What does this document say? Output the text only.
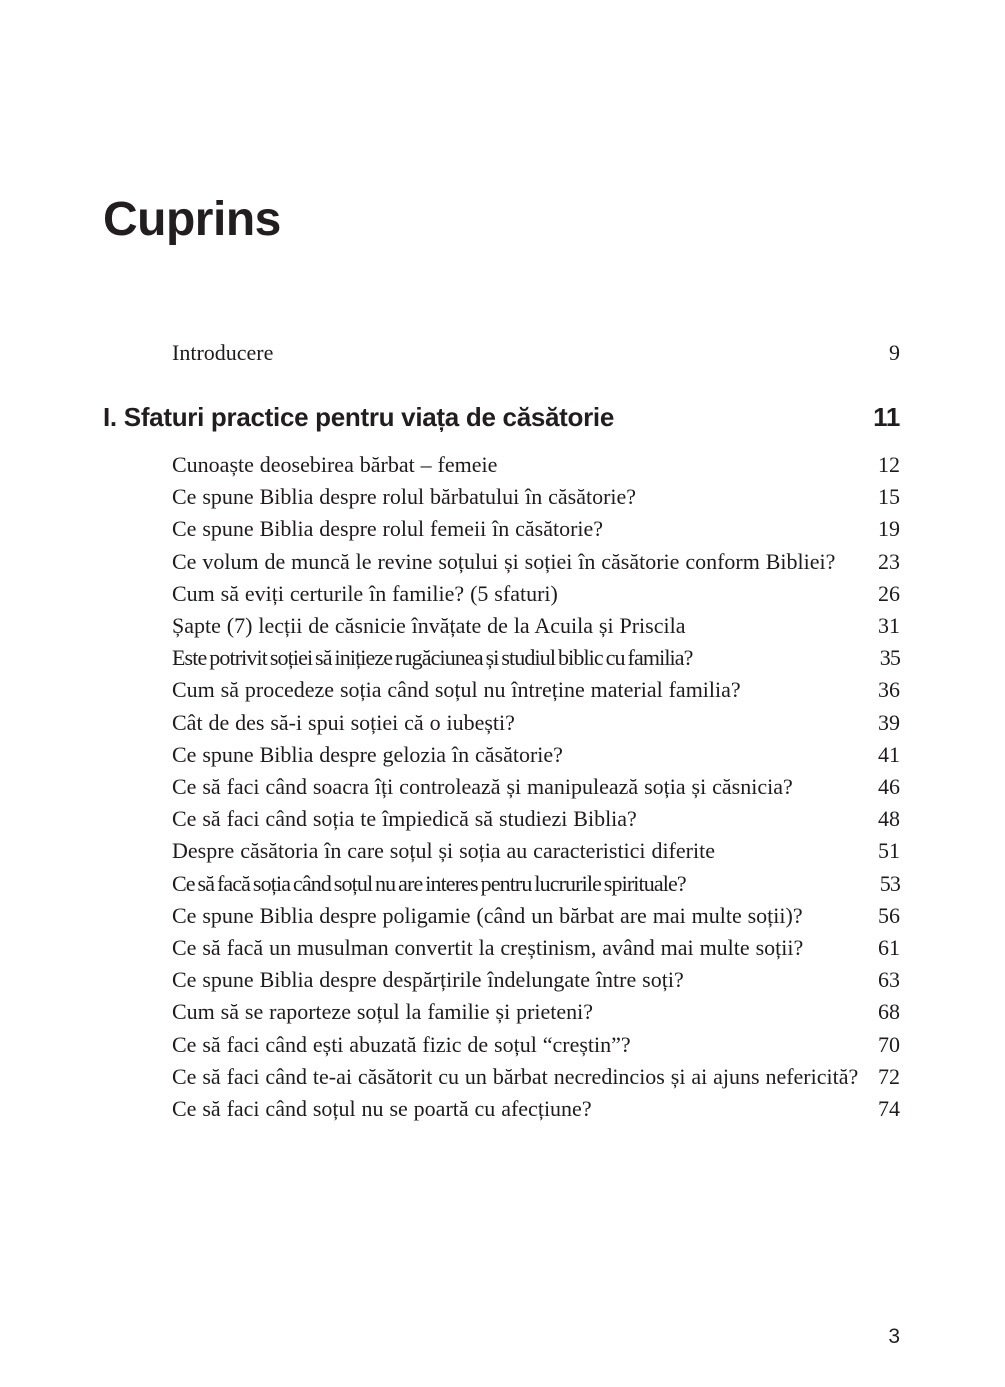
Cuprins
Introducere	9
I. Sfaturi practice pentru viața de căsătorie	11
Cunoaște deosebirea bărbat – femeie	12
Ce spune Biblia despre rolul bărbatului în căsătorie?	15
Ce spune Biblia despre rolul femeii în căsătorie?	19
Ce volum de muncă le revine soțului și soției în căsătorie conform Bibliei? 23
Cum să eviți certurile în familie? (5 sfaturi)	26
Șapte (7) lecții de căsnicie învățate de la Acuila și Priscila	31
Este potrivit soției să inițieze rugăciunea și studiul biblic cu familia?	35
Cum să procedeze soția când soțul nu întreține material familia?	36
Cât de des să-i spui soției că o iubești?	39
Ce spune Biblia despre gelozia în căsătorie?	41
Ce să faci când soacra îți controlează și manipulează soția și căsnicia?	46
Ce să faci când soția te împiedică să studiezi Biblia?	48
Despre căsătoria în care soțul și soția au caracteristici diferite	51
Ce să facă soția când soțul nu are interes pentru lucrurile spirituale?	53
Ce spune Biblia despre poligamie (când un bărbat are mai multe soții)?	56
Ce să facă un musulman convertit la creștinism, având mai multe soții?	61
Ce spune Biblia despre despărțirile îndelungate între soți?	63
Cum să se raporteze soțul la familie și prieteni?	68
Ce să faci când ești abuzată fizic de soțul “creștin”?	70
Ce să faci când te-ai căsătorit cu un bărbat necredincios și ai ajuns nefericită? 72
Ce să faci când soțul nu se poartă cu afecțiune?	74
3
